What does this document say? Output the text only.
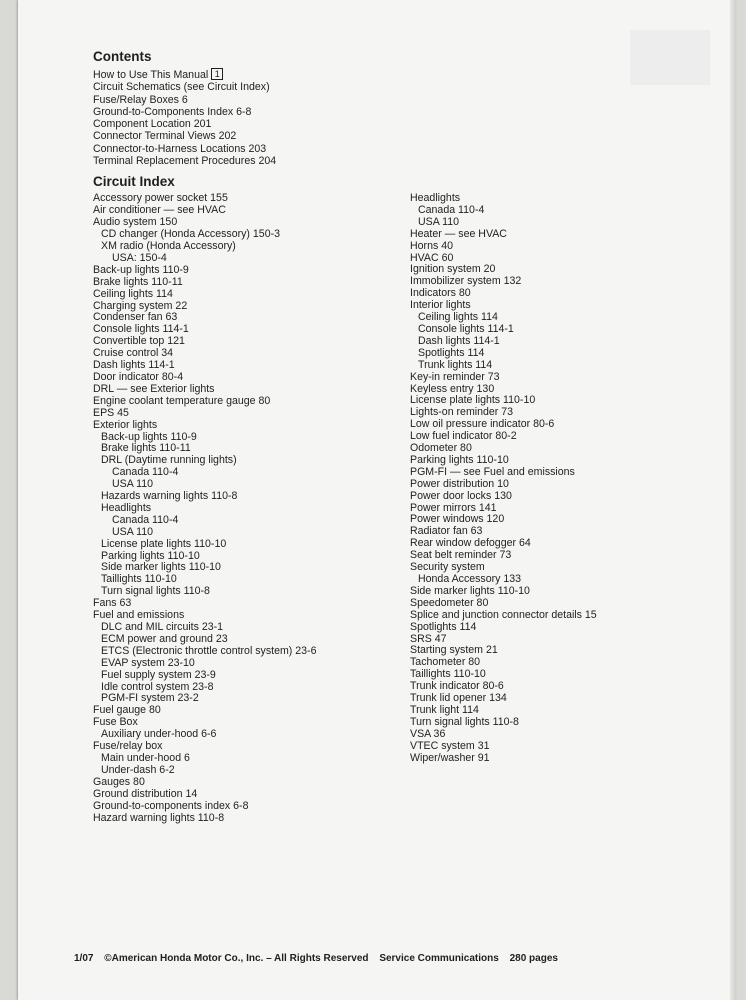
Contents
How to Use This Manual 1
Circuit Schematics (see Circuit Index)
Fuse/Relay Boxes 6
Ground-to-Components Index 6-8
Component Location 201
Connector Terminal Views 202
Connector-to-Harness Locations 203
Terminal Replacement Procedures 204
Circuit Index
Accessory power socket 155
Air conditioner — see HVAC
Audio system 150
CD changer (Honda Accessory) 150-3
XM radio (Honda Accessory)
USA: 150-4
Back-up lights 110-9
Brake lights 110-11
Ceiling lights 114
Charging system 22
Condenser fan 63
Console lights 114-1
Convertible top 121
Cruise control 34
Dash lights 114-1
Door indicator 80-4
DRL — see Exterior lights
Engine coolant temperature gauge 80
EPS 45
Exterior lights
Back-up lights 110-9
Brake lights 110-11
DRL (Daytime running lights)
Canada 110-4
USA 110
Hazards warning lights 110-8
Headlights
Canada 110-4
USA 110
License plate lights 110-10
Parking lights 110-10
Side marker lights 110-10
Taillights 110-10
Turn signal lights 110-8
Fans 63
Fuel and emissions
DLC and MIL circuits 23-1
ECM power and ground 23
ETCS (Electronic throttle control system) 23-6
EVAP system 23-10
Fuel supply system 23-9
Idle control system 23-8
PGM-FI system 23-2
Fuel gauge 80
Fuse Box
Auxiliary under-hood 6-6
Fuse/relay box
Main under-hood 6
Under-dash 6-2
Gauges 80
Ground distribution 14
Ground-to-components index 6-8
Hazard warning lights 110-8
Headlights
Canada 110-4
USA 110
Heater — see HVAC
Horns 40
HVAC 60
Ignition system 20
Immobilizer system 132
Indicators 80
Interior lights
Ceiling lights 114
Console lights 114-1
Dash lights 114-1
Spotlights 114
Trunk lights 114
Key-in reminder 73
Keyless entry 130
License plate lights 110-10
Lights-on reminder 73
Low oil pressure indicator 80-6
Low fuel indicator 80-2
Odometer 80
Parking lights 110-10
PGM-FI — see Fuel and emissions
Power distribution 10
Power door locks 130
Power mirrors 141
Power windows 120
Radiator fan 63
Rear window defogger 64
Seat belt reminder 73
Security system
Honda Accessory 133
Side marker lights 110-10
Speedometer 80
Splice and junction connector details 15
Spotlights 114
SRS 47
Starting system 21
Tachometer 80
Taillights 110-10
Trunk indicator 80-6
Trunk lid opener 134
Trunk light 114
Turn signal lights 110-8
VSA 36
VTEC system 31
Wiper/washer 91
1/07 ©American Honda Motor Co., Inc. – All Rights Reserved Service Communications 280 pages
